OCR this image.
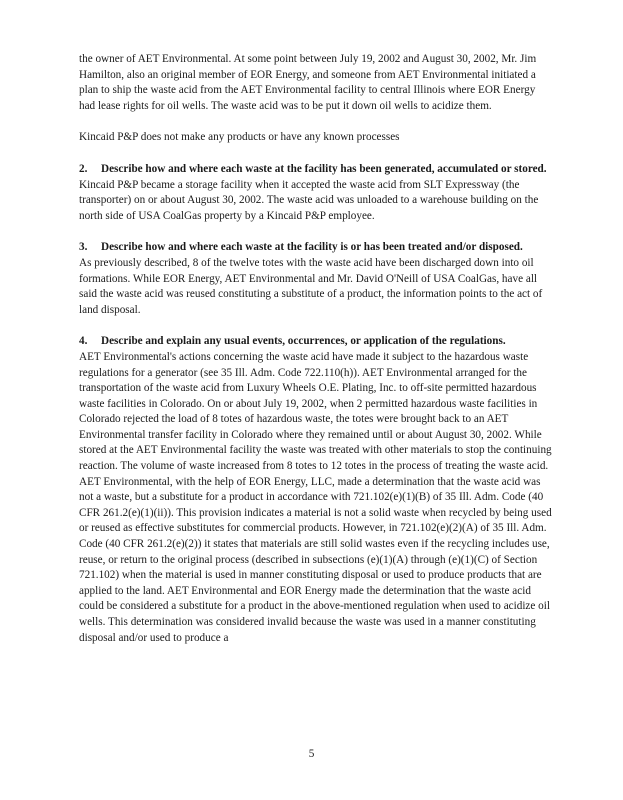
the owner of AET Environmental. At some point between July 19, 2002 and August 30, 2002, Mr. Jim Hamilton, also an original member of EOR Energy, and someone from AET Environmental initiated a plan to ship the waste acid from the AET Environmental facility to central Illinois where EOR Energy had lease rights for oil wells. The waste acid was to be put it down oil wells to acidize them.

Kincaid P&P does not make any products or have any known processes

2.	Describe how and where each waste at the facility has been generated, accumulated or stored.

Kincaid P&P became a storage facility when it accepted the waste acid from SLT Expressway (the transporter) on or about August 30, 2002. The waste acid was unloaded to a warehouse building on the north side of USA CoalGas property by a Kincaid P&P employee.

3.	Describe how and where each waste at the facility is or has been treated and/or disposed.

As previously described, 8 of the twelve totes with the waste acid have been discharged down into oil formations. While EOR Energy, AET Environmental and Mr. David O'Neill of USA CoalGas, have all said the waste acid was reused constituting a substitute of a product, the information points to the act of land disposal.

4.	Describe and explain any usual events, occurrences, or application of the regulations.

AET Environmental's actions concerning the waste acid have made it subject to the hazardous waste regulations for a generator (see 35 Ill. Adm. Code 722.110(h)). AET Environmental arranged for the transportation of the waste acid from Luxury Wheels O.E. Plating, Inc. to off-site permitted hazardous waste facilities in Colorado. On or about July 19, 2002, when 2 permitted hazardous waste facilities in Colorado rejected the load of 8 totes of hazardous waste, the totes were brought back to an AET Environmental transfer facility in Colorado where they remained until or about August 30, 2002. While stored at the AET Environmental facility the waste was treated with other materials to stop the continuing reaction. The volume of waste increased from 8 totes to 12 totes in the process of treating the waste acid. AET Environmental, with the help of EOR Energy, LLC, made a determination that the waste acid was not a waste, but a substitute for a product in accordance with 721.102(e)(1)(B) of 35 Ill. Adm. Code (40 CFR 261.2(e)(1)(ii)). This provision indicates a material is not a solid waste when recycled by being used or reused as effective substitutes for commercial products. However, in 721.102(e)(2)(A) of 35 Ill. Adm. Code (40 CFR 261.2(e)(2)) it states that materials are still solid wastes even if the recycling includes use, reuse, or return to the original process (described in subsections (e)(1)(A) through (e)(1)(C) of Section 721.102) when the material is used in manner constituting disposal or used to produce products that are applied to the land. AET Environmental and EOR Energy made the determination that the waste acid could be considered a substitute for a product in the above-mentioned regulation when used to acidize oil wells. This determination was considered invalid because the waste was used in a manner constituting disposal and/or used to produce a

5
